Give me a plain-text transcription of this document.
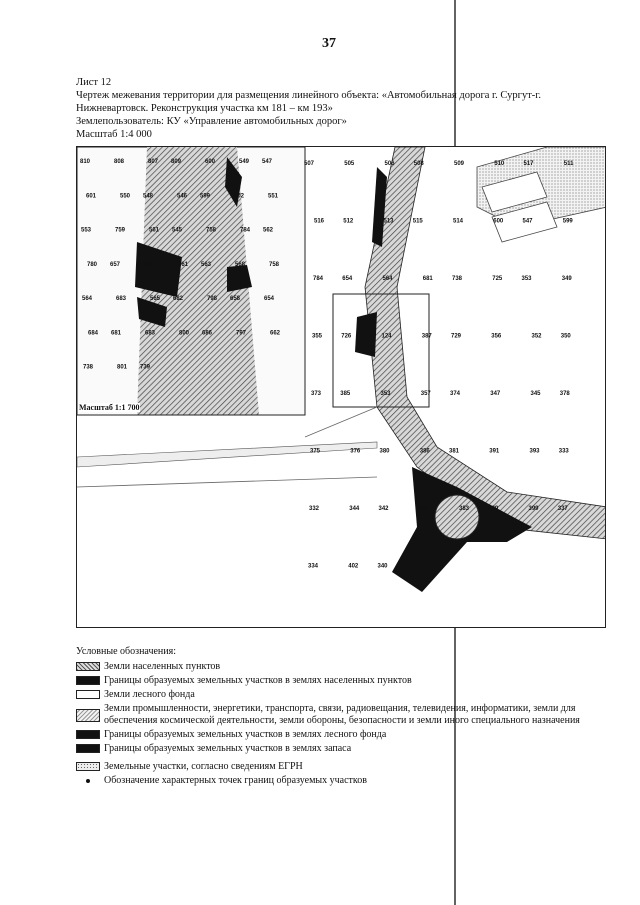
37
Лист 12
Чертеж межевания территории для размещения линейного объекта: «Автомобильная дорога г. Сургут-г. Нижневартовск. Реконструкция участка км 181 – км 193»
Землепользователь: КУ «Управление автомобильных дорог»
Масштаб 1:4 000
810	808	807 809	600	549 547
601	550 548	546 599	602	551
553	759	561 545	758	784 562
780 657	655	761 563	568	758
564	683	565 682	798 658	654
684 681	683	800 686	797	662
738	801 739
507	505	506	508	509	510	517	511
516	512	513	515	514	600	547	599
784	654	564	681	738	725	353	349
355	726	124	387	729	356	352	350
373	385	353	357	374	347	345	378
375	376	380	386	381	391	393	333
332	344	342	341	383	339	399	337
334	402	340
Масштаб 1:1 700
Условные обозначения:
Земли населенных пунктов
Границы образуемых земельных участков в землях населенных пунктов
Земли лесного фонда
Земли промышленности, энергетики, транспорта, связи, радиовещания, телевидения, информатики, земли для обеспечения космической деятельности, земли обороны, безопасности и земли иного специального назначения
Границы образуемых земельных участков в землях лесного фонда
Границы образуемых земельных участков в землях запаса
Земельные участки, согласно сведениям ЕГРН
Обозначение характерных точек границ образуемых участков
